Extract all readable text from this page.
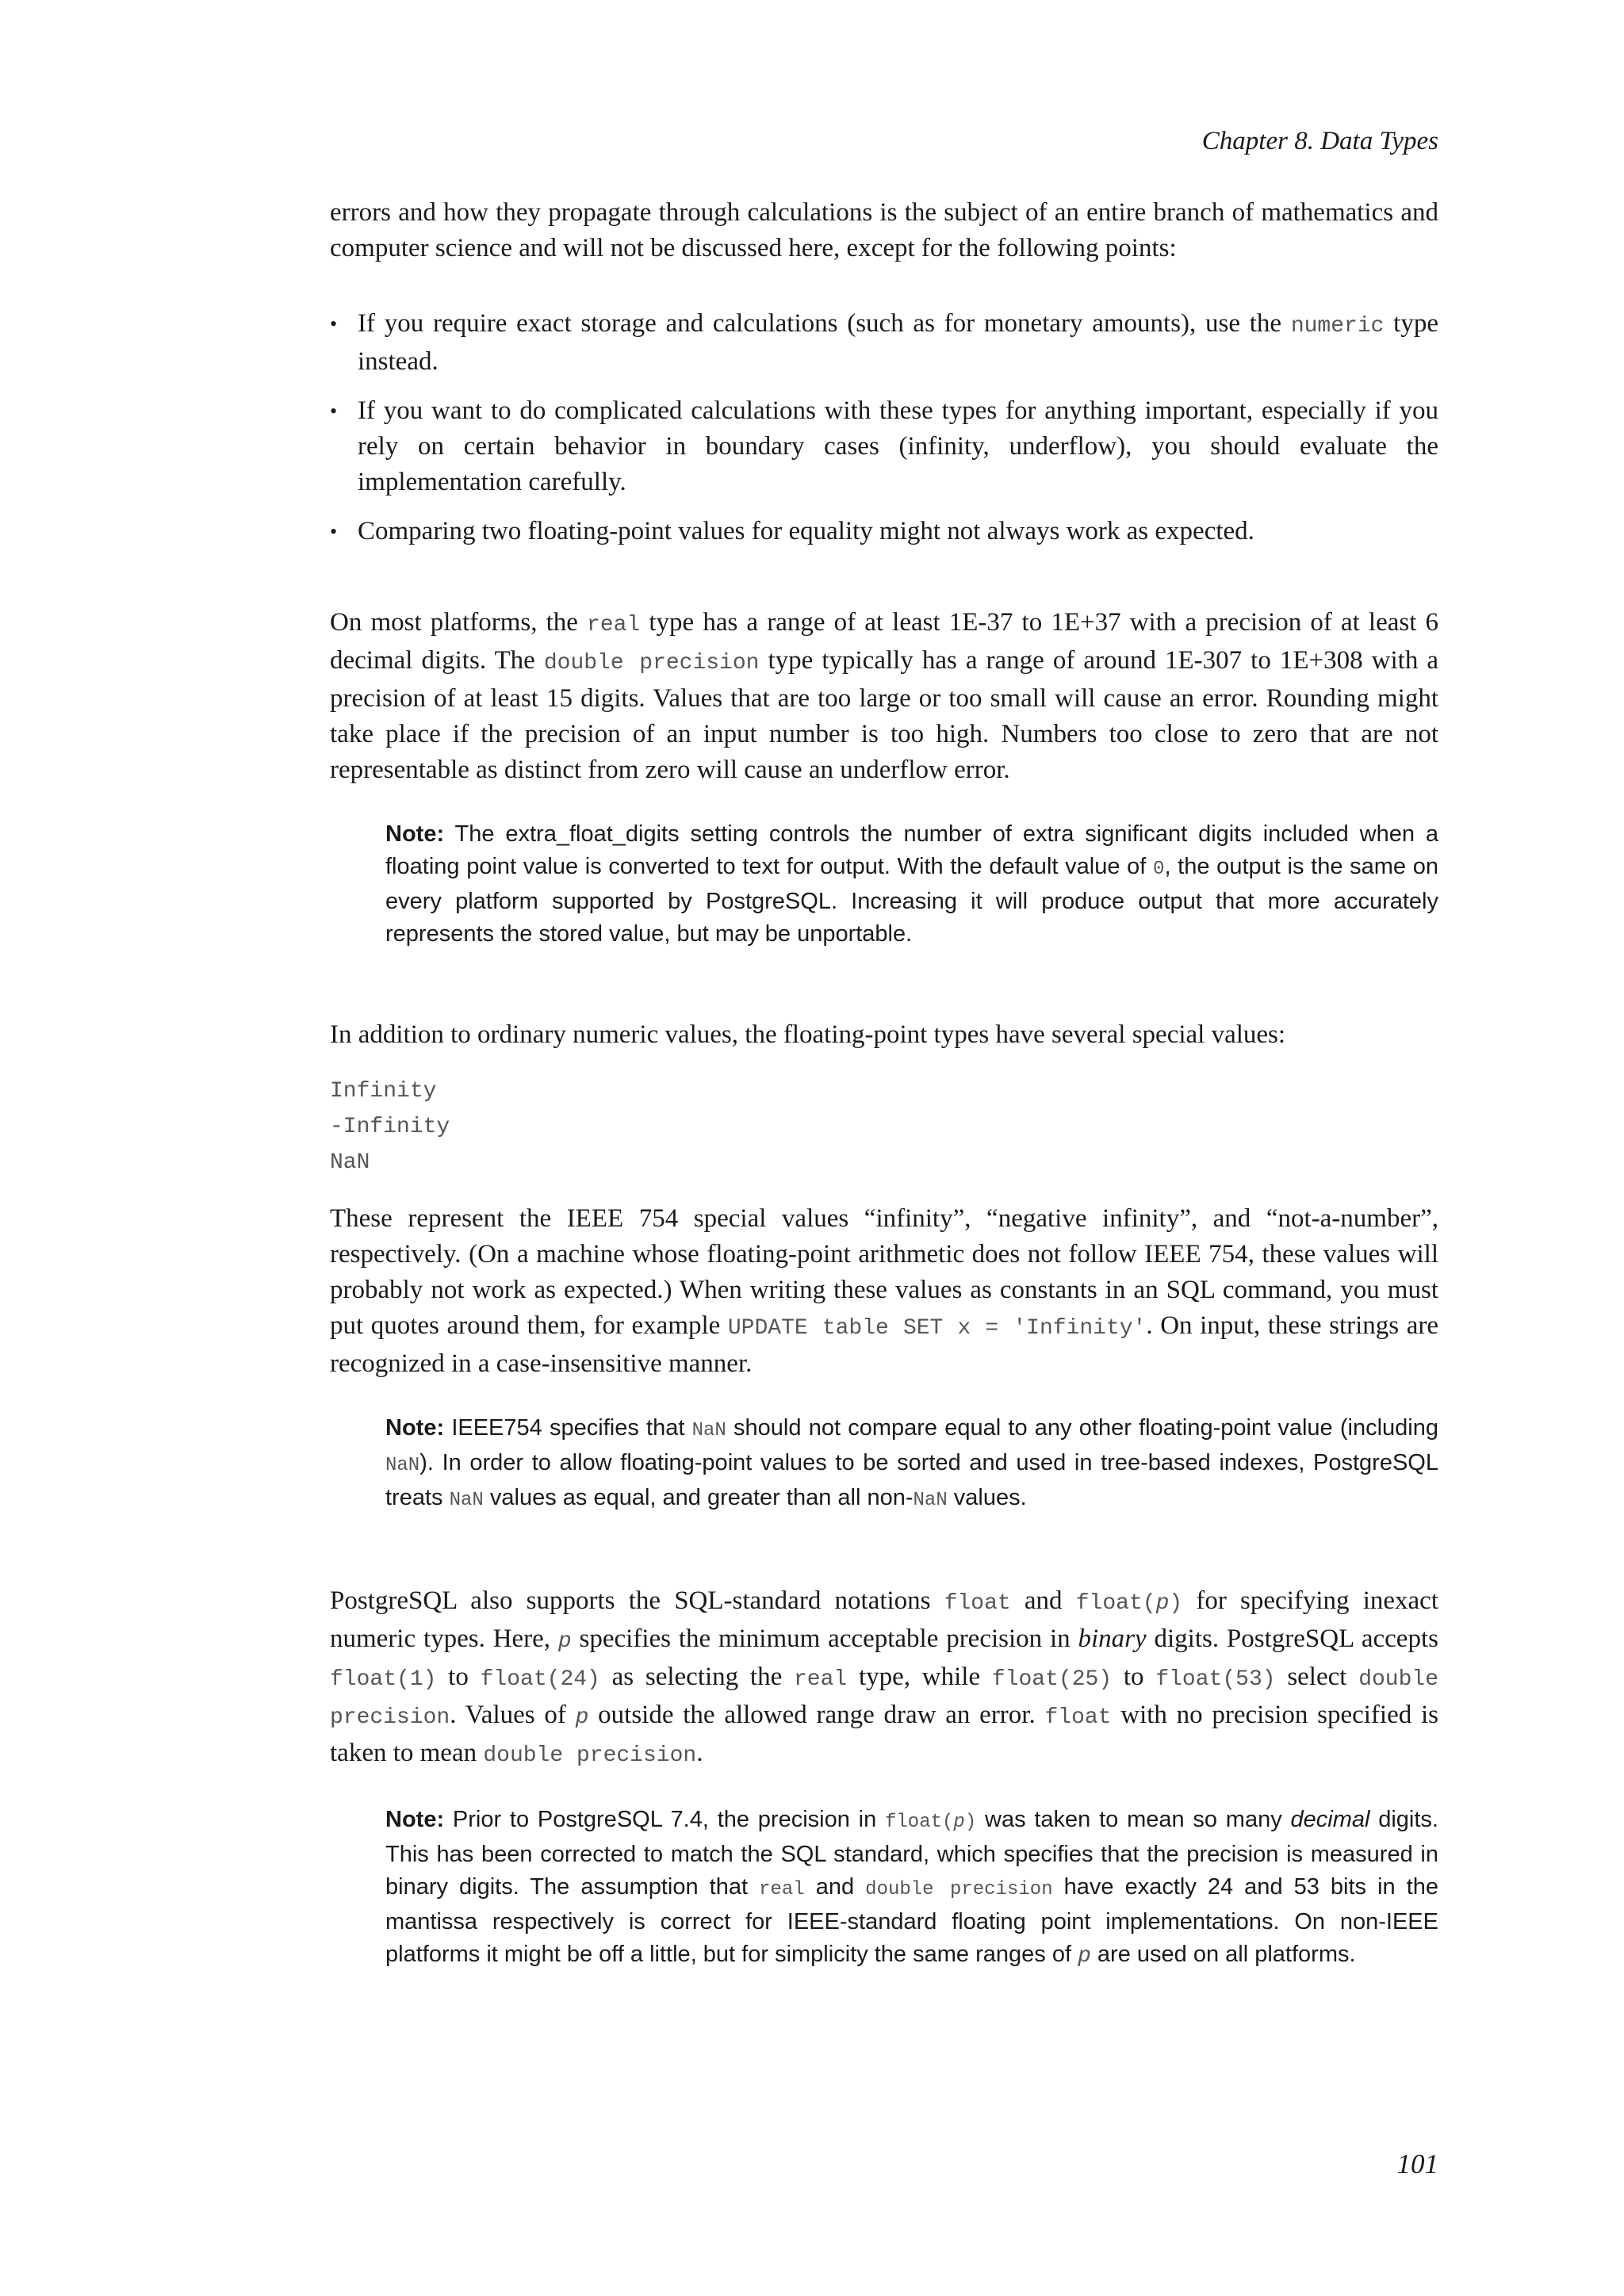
Chapter 8. Data Types

errors and how they propagate through calculations is the subject of an entire branch of mathematics and computer science and will not be discussed here, except for the following points:

• If you require exact storage and calculations (such as for monetary amounts), use the numeric type instead.
• If you want to do complicated calculations with these types for anything important, especially if you rely on certain behavior in boundary cases (infinity, underflow), you should evaluate the implementation carefully.
• Comparing two floating-point values for equality might not always work as expected.

On most platforms, the real type has a range of at least 1E-37 to 1E+37 with a precision of at least 6 decimal digits. The double precision type typically has a range of around 1E-307 to 1E+308 with a precision of at least 15 digits. Values that are too large or too small will cause an error. Rounding might take place if the precision of an input number is too high. Numbers too close to zero that are not representable as distinct from zero will cause an underflow error.

Note: The extra_float_digits setting controls the number of extra significant digits included when a floating point value is converted to text for output. With the default value of 0, the output is the same on every platform supported by PostgreSQL. Increasing it will produce output that more accurately represents the stored value, but may be unportable.

In addition to ordinary numeric values, the floating-point types have several special values:

Infinity
-Infinity
NaN

These represent the IEEE 754 special values “infinity”, “negative infinity”, and “not-a-number”, respectively. (On a machine whose floating-point arithmetic does not follow IEEE 754, these values will probably not work as expected.) When writing these values as constants in an SQL command, you must put quotes around them, for example UPDATE table SET x = 'Infinity'. On input, these strings are recognized in a case-insensitive manner.

Note: IEEE754 specifies that NaN should not compare equal to any other floating-point value (including NaN). In order to allow floating-point values to be sorted and used in tree-based indexes, PostgreSQL treats NaN values as equal, and greater than all non-NaN values.

PostgreSQL also supports the SQL-standard notations float and float(p) for specifying inexact numeric types. Here, p specifies the minimum acceptable precision in binary digits. PostgreSQL accepts float(1) to float(24) as selecting the real type, while float(25) to float(53) select double precision. Values of p outside the allowed range draw an error. float with no precision specified is taken to mean double precision.

Note: Prior to PostgreSQL 7.4, the precision in float(p) was taken to mean so many decimal digits. This has been corrected to match the SQL standard, which specifies that the precision is measured in binary digits. The assumption that real and double precision have exactly 24 and 53 bits in the mantissa respectively is correct for IEEE-standard floating point implementations. On non-IEEE platforms it might be off a little, but for simplicity the same ranges of p are used on all platforms.
101
